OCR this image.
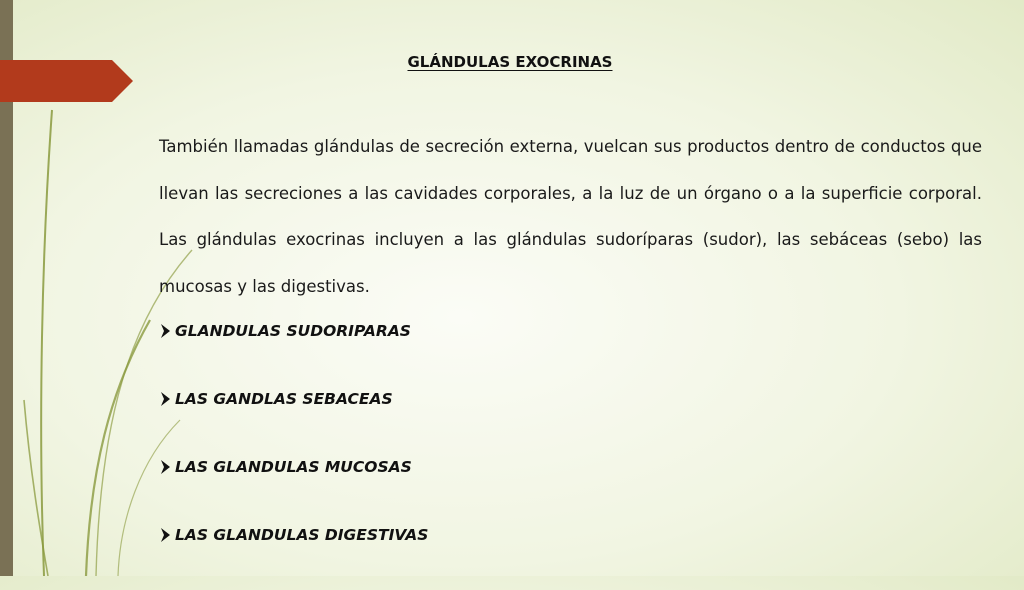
GLÁNDULAS EXOCRINAS

También llamadas glándulas de secreción externa, vuelcan sus productos dentro de conductos que llevan las secreciones a las cavidades corporales, a la luz de un órgano o a la superficie corporal. Las glándulas exocrinas incluyen a las glándulas sudoríparas (sudor), las sebáceas (sebo) las mucosas y las digestivas.

GLANDULAS SUDORIPARAS
LAS GANDLAS SEBACEAS
LAS GLANDULAS MUCOSAS
LAS GLANDULAS DIGESTIVAS
